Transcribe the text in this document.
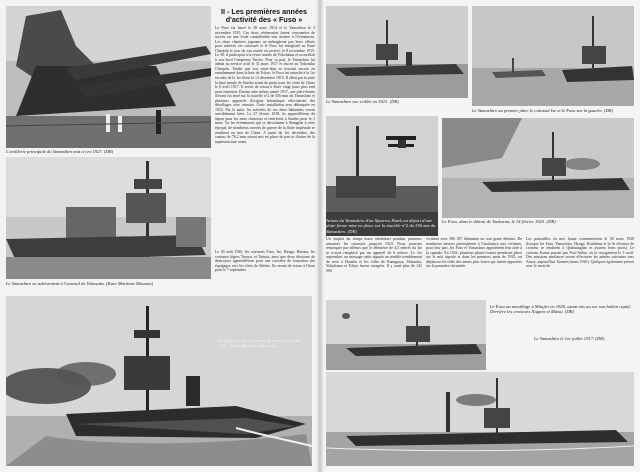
L'artillerie principale du Yamashiro mai ici en 1927. (DR)
Le Yamashiro en achèvement à l'arsenal de Yokosuka. (Kure Maritime Museum)
II - Les premières années d'activité des « Fuso »
Le Fuso fut lancé le 28 mars 1914 et le Yamashiro le 3 novembre 1915. Ces deux cérémonies furent couronnées de succès car une foule considérable vint assister à l'événement. Les deux chantiers japonais ne ménagèrent pas leurs efforts pour achever ces cuirassés et le Fuso fut enregistré au Kure Chinjufu le jour de son entrée en service, le 8 novembre 1915. Le 30, il participait à la revue navale de Yokohama et accueillait à son bord l'empereur Taisho. Pour sa part, le Yamashiro fut admis au service actif le 31 mars 1917 et inscrit au Yokosuka Chinjufu. Tandis que son sister-ship se trouvait encore en entraînement dans la baie de Tokyo, le Fuso fut rattaché à la 1re escadre de la 1re flotte le 13 décembre 1915. Il allait par la suite la base navale de Sasebo avant de partir pour les côtes de Chine le 8 avril 1917. Il servit de retour à Kure vingt jours plus tard pour entretien. Durant cette même année 1917, une pièce-borne d'avant fut testé sur la tourelle n°2 de 356 mm du Yamashiro et plusieurs appareils d'origine britannique effectuèrent des décollages avec réussite. Cette installation sera débarquée en 1922. Par la suite, les activités de ces deux bâtiments seront sensiblement liées. Le 27 février 1918, ils appareillèrent du Japon pour les eaux chinoises et rentrèrent à Sasebo pour le 3 mars. Vu les événements qui se déroulaient à Shanghai à cette époque, de nombreux navires de guerre de la flotte impériale se rendirent en mer de Chine. A partir du 1er décembre, des canons de 76,2 mm seront mis en place de part et d'autre de la superstructure avant.
Le 29 août 1920, les cuirassés Fuso, Ise, Hyuga, Haruna, les croiseurs légers Tenryu, et Tatsuta, ainsi que deux divisions de destroyers appareillèrent pour une croisière de formation des équipages vers les côtes de Sibérie. Ils seront de retour à Otaru pour le 7 septembre.
Le Fuso lors de ses essais de vitesse en août 1915. (Kure Maritime Museum)
Le Yamashiro vue crillée en 1921. (DR)
Le Yamashiro au premier plan, le cuirassé Ise et le Fuso sur la gauche. (DR)
Avions du Yamashiro d'un Sparrow Hawk au départ d'une plate-forme mise en place sur la tourelle n°2 du 356 mm du Yamashiro. (DR)
Le Fuso, dans le détroit de Tsukurna, le 14 février 1925. (DR)
Un emploi du temps assez inhabituel pendant plusieurs semaines les cuirassés jusqu'en 1923. Nous pouvons remarquer par ailleurs que le télémètre de 4,5 mètres du Ise se trouva remplacé par un appareil de 6 mètres. Le 1er septembre, un message radio signala un terrible tremblement de terre à Honshu et les villes de Kanagawa, Shizuoka, Yokohama et Tokyo furent ravagées. Il y avait plus de 141 000
victimes avec 580 397 bâtiments en tout genre détruits. De nombreux navires participèrent à l'assistance aux victimes, pour leur part, les Fuso et Yamashiro apportèrent leur aide à la capitale. En 1924, plusieurs plates-formes prendront place sur le mât tripode et dans les premiers mois de 1925, on déplacera les tôles des armes plus fortes qui furent apportées sur la première cheminée.
Les patrouilles en mer Jaune commencèrent le 30 mars 1920 (lorsque les Fuso, Yamashiro, Hyuga, Kirishima et la 5e division de croiseur se rendirent à Qinhuangdao et avaient leurs ports). Le croiseur Kuma passait par Port-Arthur où le rejoignirent le 5 avril. Des missions similaires seront effectuées les années suivantes vers Amoy, aujourd'hui Xiamen (mars 1926). Quelques également prévus avec le mois de
Le Fuso au mouillage à Mitajiri en 1926, ayant mis au sec son ballon captif. Derrière les croiseurs Nagara et Mutsu. (DR)
Le Yamashiro le 1er juillet 1917. (DR)
